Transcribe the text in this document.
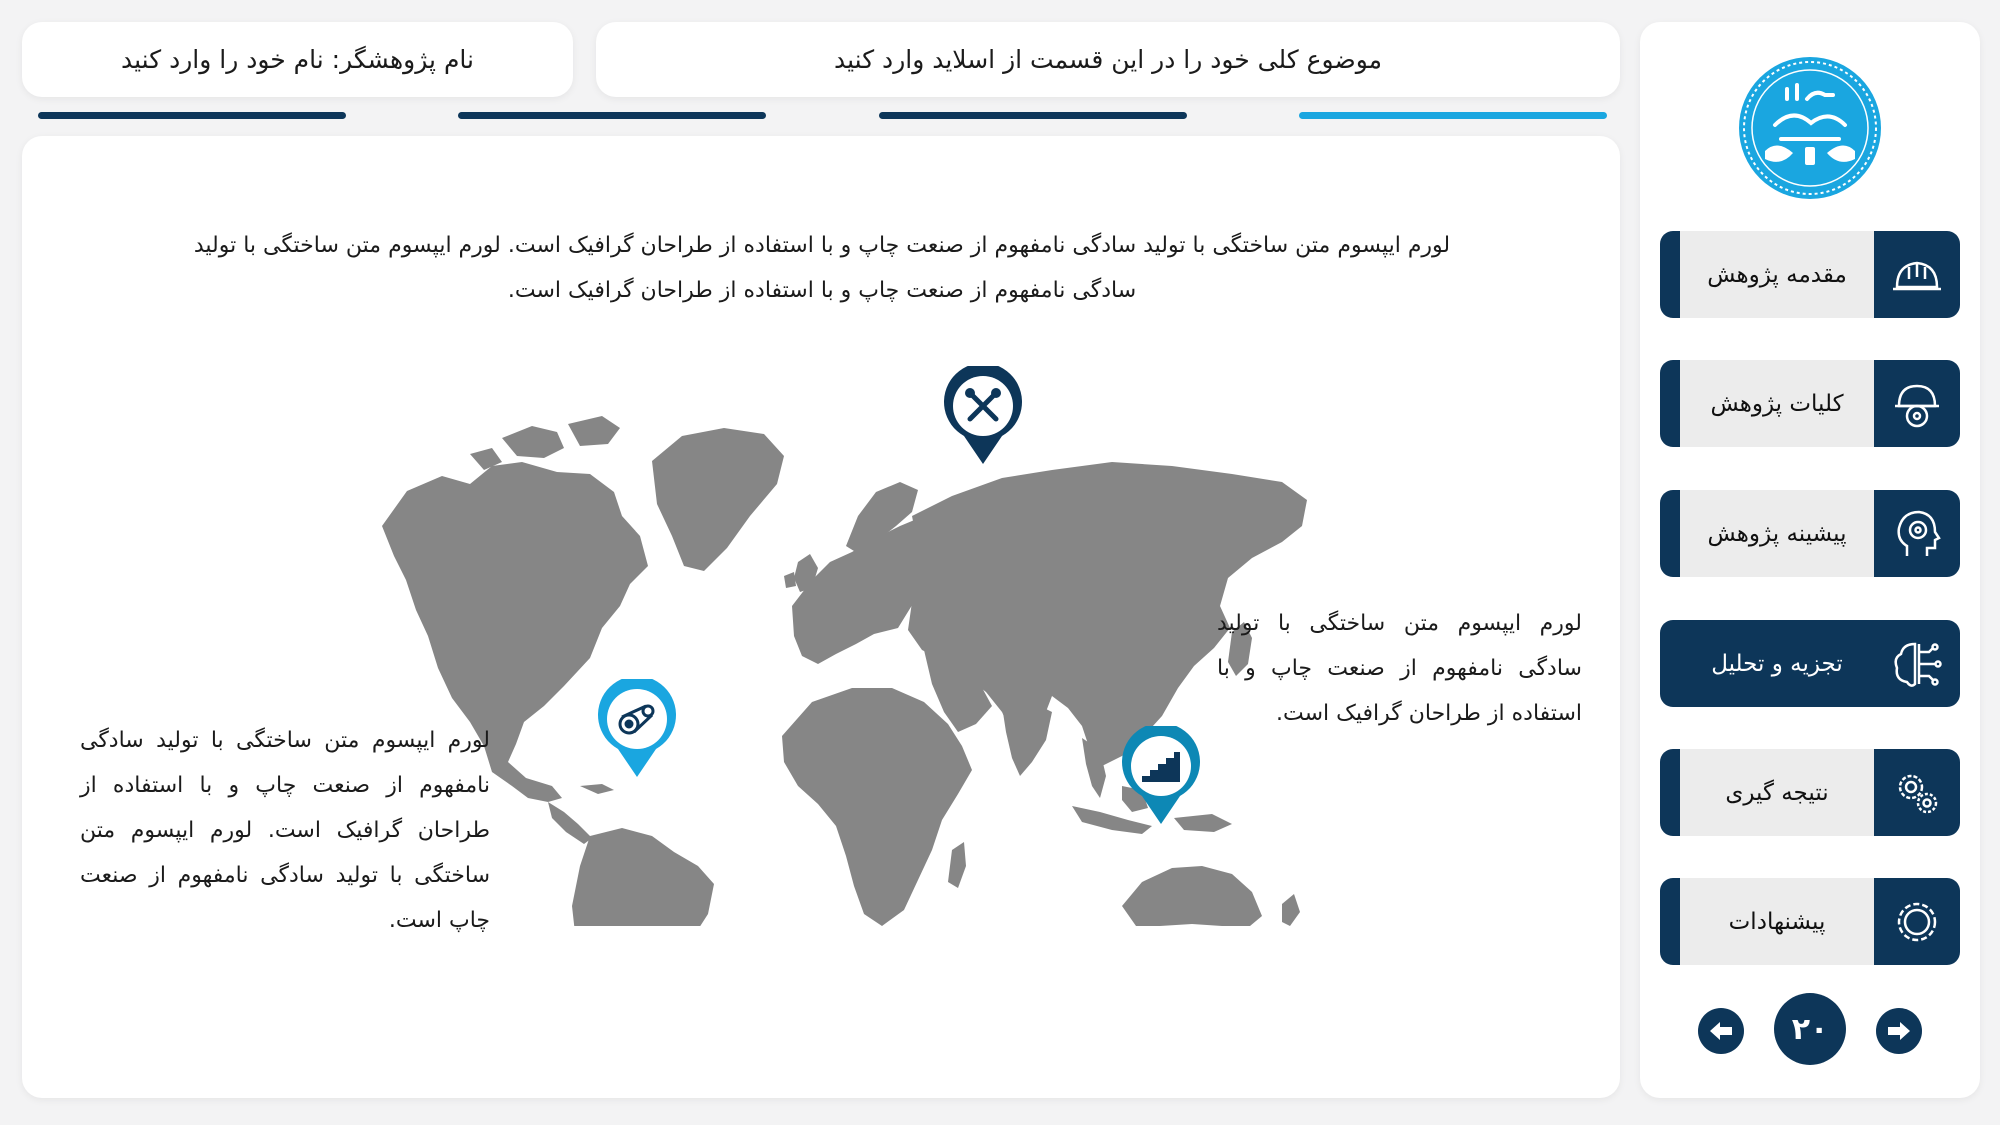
نام پژوهشگر: نام خود را وارد کنید	موضوع کلی خود را در این قسمت از اسلاید وارد کنید

لورم ایپسوم متن ساختگی با تولید سادگی نامفهوم از صنعت چاپ و با استفاده از طراحان گرافیک است. لورم ایپسوم متن ساختگی با تولید سادگی نامفهوم از صنعت چاپ و با استفاده از طراحان گرافیک است.

لورم ایپسوم متن ساختگی با تولید سادگی نامفهوم از صنعت چاپ و با استفاده از طراحان گرافیک است. لورم ایپسوم متن ساختگی با تولید سادگی نامفهوم از صنعت چاپ است.

لورم ایپسوم متن ساختگی با تولید سادگی نامفهوم از صنعت چاپ و با استفاده از طراحان گرافیک است.

مقدمه پژوهش
کلیات پژوهش
پیشینه پژوهش
تجزیه و تحلیل
نتیجه گیری
پیشنهادات
۲۰
